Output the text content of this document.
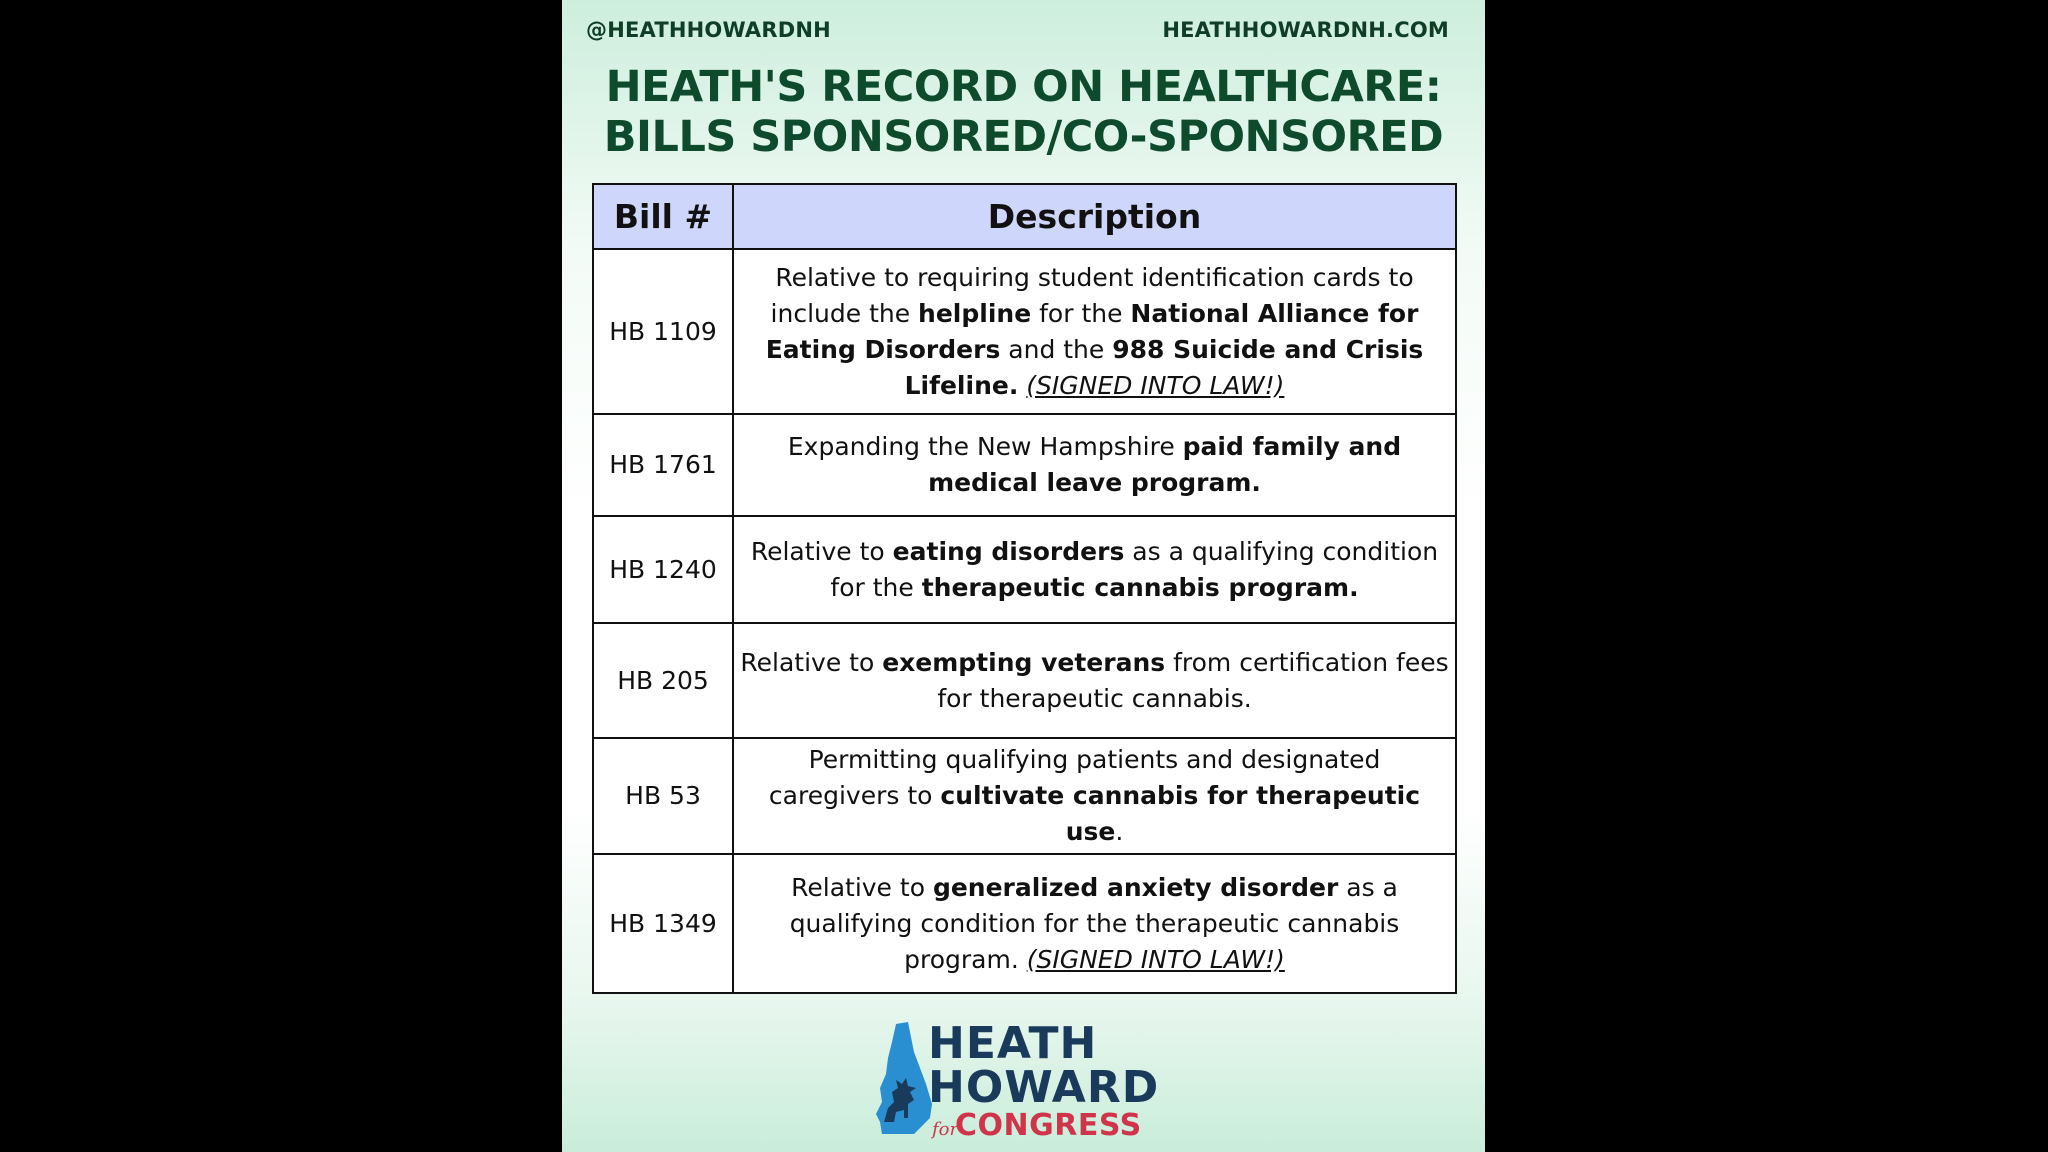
@HEATHHOWARDNH	HEATHHOWARDNH.COM
HEATH'S RECORD ON HEALTHCARE:
BILLS SPONSORED/CO-SPONSORED
Bill #	Description
HB 1109	Relative to requiring student identification cards to include the helpline for the National Alliance for Eating Disorders and the 988 Suicide and Crisis Lifeline. (SIGNED INTO LAW!)
HB 1761	Expanding the New Hampshire paid family and medical leave program.
HB 1240	Relative to eating disorders as a qualifying condition for the therapeutic cannabis program.
HB 205	Relative to exempting veterans from certification fees for therapeutic cannabis.
HB 53	Permitting qualifying patients and designated caregivers to cultivate cannabis for therapeutic use.
HB 1349	Relative to generalized anxiety disorder as a qualifying condition for the therapeutic cannabis program. (SIGNED INTO LAW!)
HEATH
HOWARD
for
CONGRESS
